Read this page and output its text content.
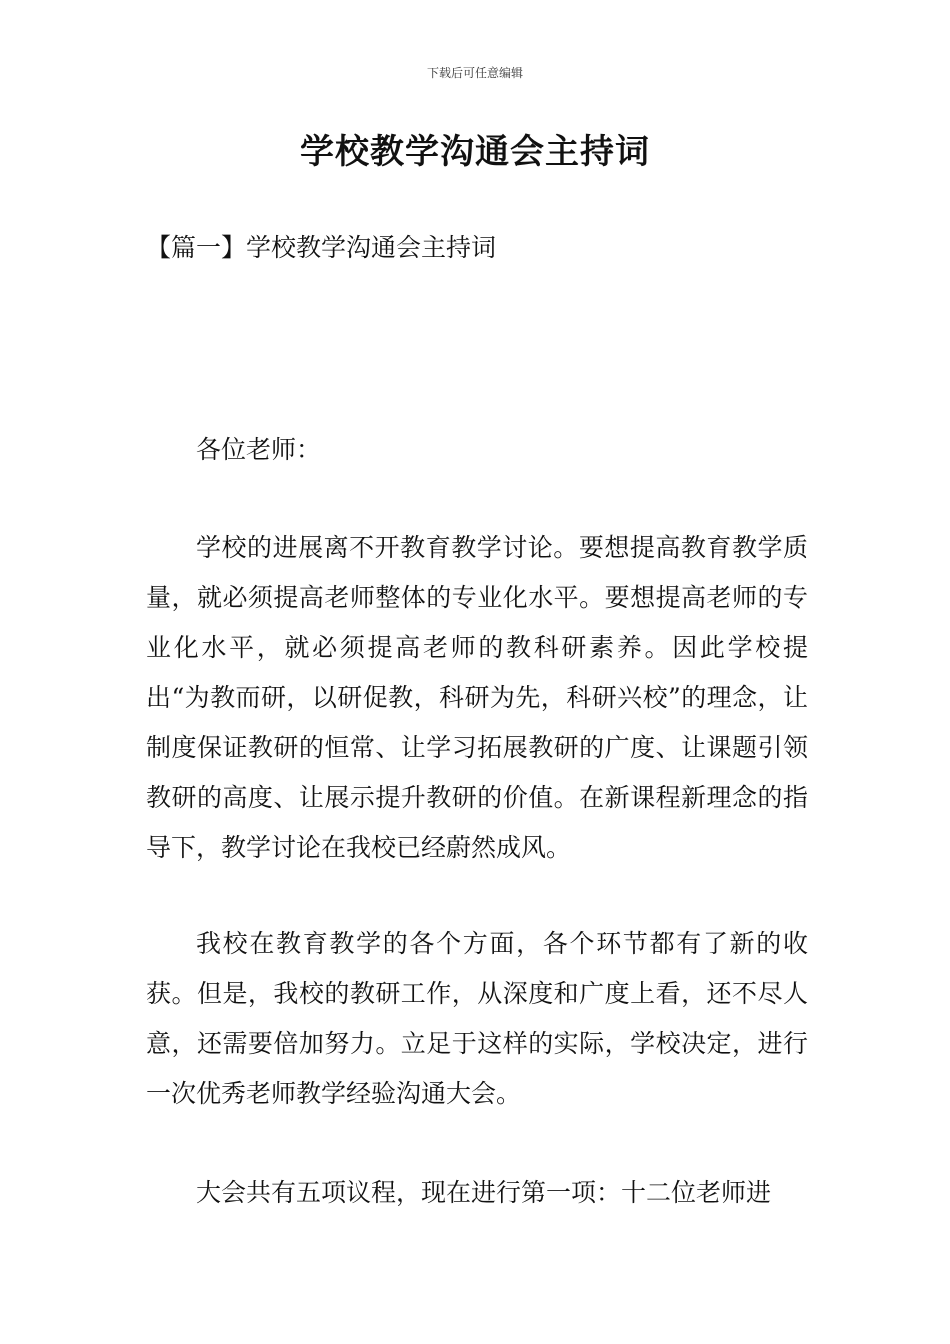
下载后可任意编辑
学校教学沟通会主持词
【篇一】学校教学沟通会主持词

各位老师：

学校的进展离不开教育教学讨论。要想提高教育教学质量，就必须提高老师整体的专业化水平。要想提高老师的专业化水平，就必须提高老师的教科研素养。因此学校提出“为教而研，以研促教，科研为先，科研兴校”的理念，让制度保证教研的恒常、让学习拓展教研的广度、让课题引领教研的高度、让展示提升教研的价值。在新课程新理念的指导下，教学讨论在我校已经蔚然成风。

我校在教育教学的各个方面，各个环节都有了新的收获。但是，我校的教研工作，从深度和广度上看，还不尽人意，还需要倍加努力。立足于这样的实际，学校决定，进行一次优秀老师教学经验沟通大会。

大会共有五项议程，现在进行第一项：十二位老师进
